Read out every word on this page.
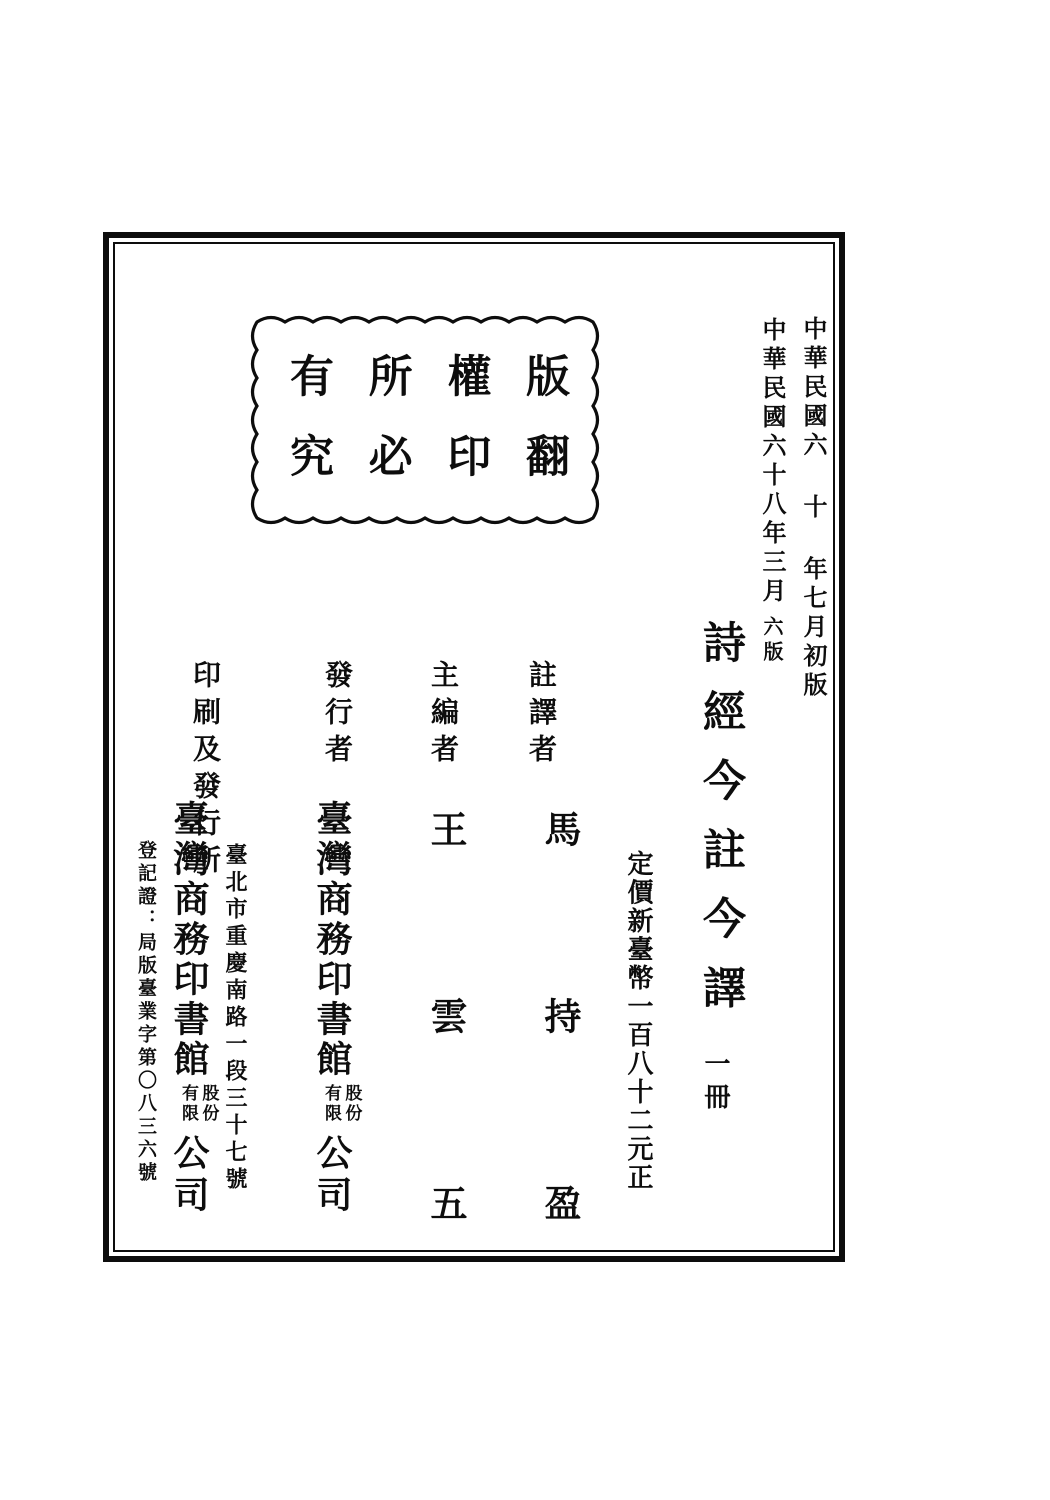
中華民國六 十 年七月初版
中華民國六十八年三月六版
版翻
權印
所必
有究
詩經今註今譯
一冊
定價新臺幣一百八十二元正
註譯者
馬持盈
主編者
王雲五
發行者
臺灣商務印書館股份有限公司
印刷及發行所
臺北市重慶南路一段三十七號
臺灣商務印書館股份有限公司
登記證：局版臺業字第〇八三六號
